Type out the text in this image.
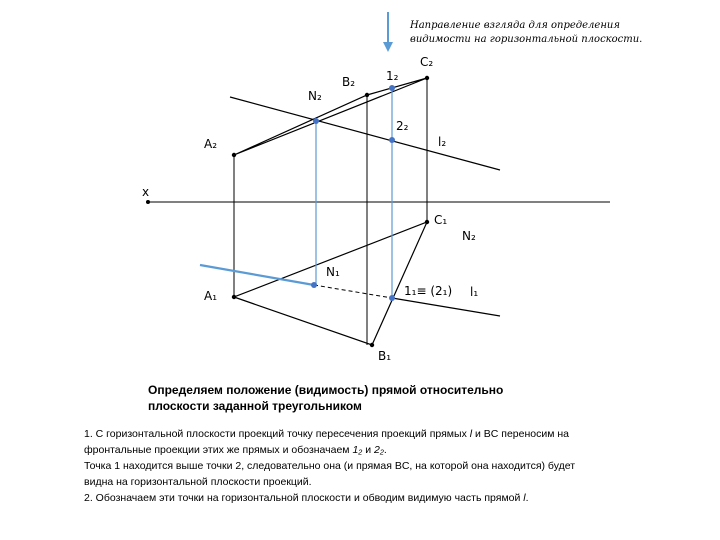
Направление взгляда для определения
видимости на горизонтальной плоскости.
N₂
B₂	1₂
C₂
2₂
l₂
A₂
x
C₁
N₂
N₁
A₁	1₁≡ (2₁) l₁
B₁
Определяем положение (видимость) прямой относительно
плоскости заданной треугольником

1. С горизонтальной плоскости проекций точку пересечения проекций прямых l и BC переносим на

фронтальные проекции этих же прямых и обозначаем 1₂ и 2₂.

Точка 1 находится выше точки 2, следовательно она (и прямая BC, на которой она находится) будет

видна на горизонтальной плоскости проекций.

2. Обозначаем эти точки на горизонтальной плоскости и обводим видимую часть прямой l.
